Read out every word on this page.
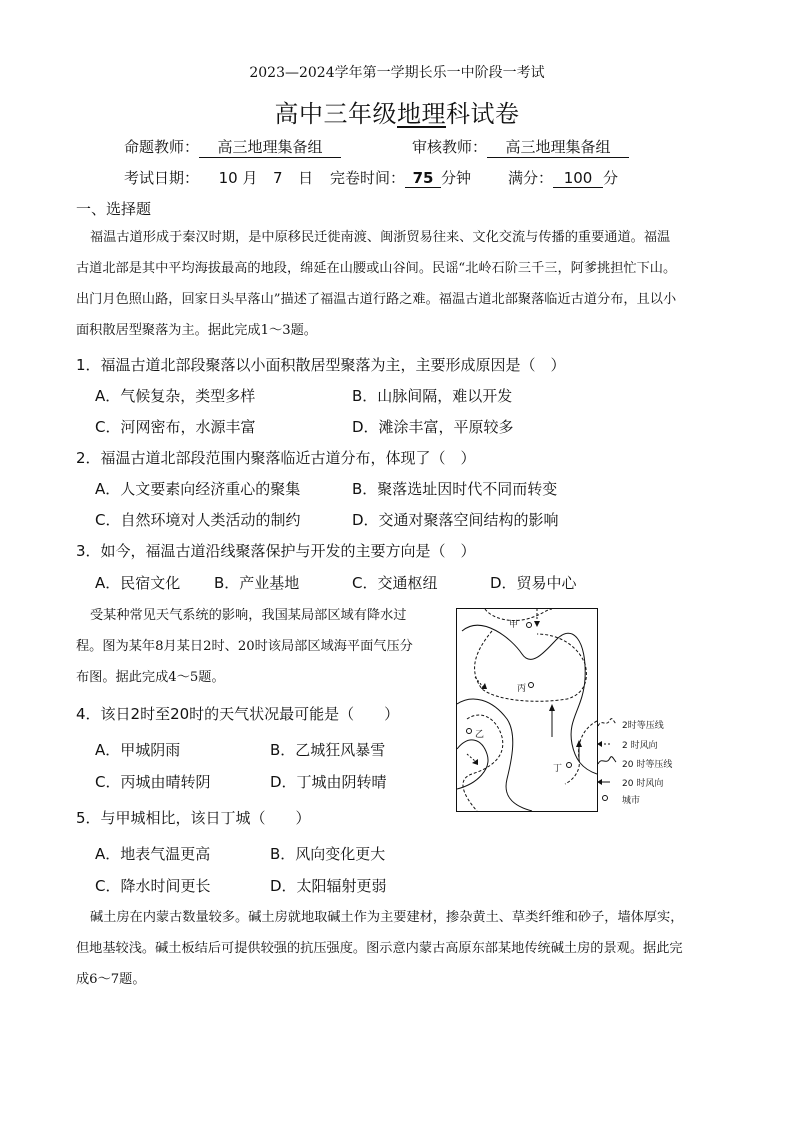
2023—2024学年第一学期长乐一中阶段一考试
高中三年级地理科试卷
命题教师： 高三地理集备组	审核教师： 高三地理集备组
考试日期： 10 月 7 日 完卷时间： 75 分钟 满分： 100 分
一、选择题
福温古道形成于秦汉时期，是中原移民迁徙南渡、闽浙贸易往来、文化交流与传播的重要通道。福温
古道北部是其中平均海拔最高的地段，绵延在山腰或山谷间。民谣“北岭石阶三千三，阿爹挑担忙下山。
出门月色照山路，回家日头早落山”描述了福温古道行路之难。福温古道北部聚落临近古道分布，且以小
面积散居型聚落为主。据此完成1～3题。
1．福温古道北部段聚落以小面积散居型聚落为主，主要形成原因是（　）
A．气候复杂，类型多样	B．山脉间隔，难以开发
C．河网密布，水源丰富	D．滩涂丰富，平原较多
2．福温古道北部段范围内聚落临近古道分布，体现了（　）
A．人文要素向经济重心的聚集	B．聚落选址因时代不同而转变
C．自然环境对人类活动的制约	D．交通对聚落空间结构的影响
3．如今，福温古道沿线聚落保护与开发的主要方向是（　）
A．民宿文化 B．产业基地	C．交通枢纽	D．贸易中心
受某种常见天气系统的影响，我国某局部区域有降水过
程。图为某年8月某日2时、20时该局部区域海平面气压分
布图。据此完成4～5题。
4．该日2时至20时的天气状况最可能是（　　）
A．甲城阴雨	B．乙城狂风暴雪
C．丙城由晴转阴	D．丁城由阴转晴
5．与甲城相比，该日丁城（　　）
A．地表气温更高	B．风向变化更大
C．降水时间更长	D．太阳辐射更弱
碱土房在内蒙古数量较多。碱土房就地取碱土作为主要建材，掺杂黄土、草类纤维和砂子，墙体厚实，
但地基较浅。碱土板结后可提供较强的抗压强度。图示意内蒙古高原东部某地传统碱土房的景观。据此完
成6～7题。
甲
丙
乙
丁
2时等压线
2 时风向
20 时等压线
20 时风向
城市
